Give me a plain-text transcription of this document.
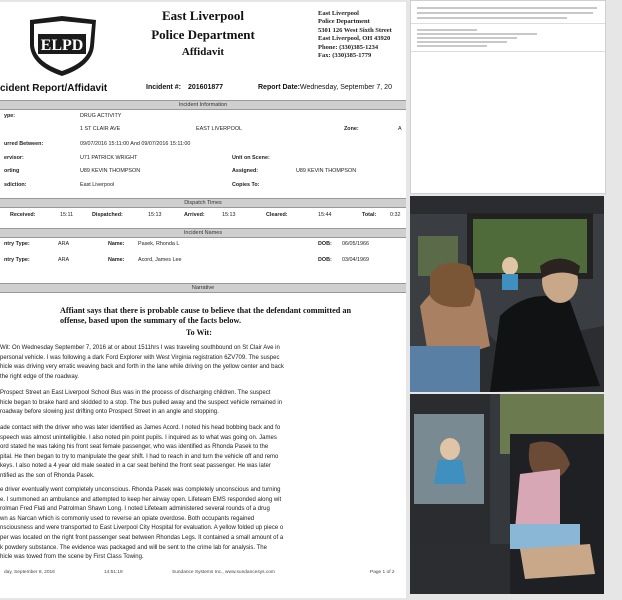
ELPD
East Liverpool
Police Department
Affidavit
East Liverpool
Police Department
5301 126 West Sixth Street
East Liverpool, OH 43920
Phone: (330)385-1234
Fax: (330)385-1779
cident Report/Affidavit	Incident #: 201601877	Report Date: Wednesday, September 7, 20
Incident Information
ype:	DRUG ACTIVITY
1 ST CLAIR AVE	EAST LIVERPOOL	Zone:	A
urred Between:	09/07/2016 15:11:00 And 09/07/2016 15:11:00
ervisor:	U71 PATRICK WRIGHT	Unit on Scene:
orting	U89 KEVIN THOMPSON	Assigned:	U89 KEVIN THOMPSON
sdiction:	East Liverpool	Copies To:
Dispatch Times
Received:	15:11	Dispatched:	15:13	Arrived:	15:13	Cleared:	15:44	Total:	0:32
Incident Names
ntry Type:	ARA	Name:	Pasek, Rhonda L	DOB: 06/05/1966
ntry Type:	ARA	Name:	Acord, James Lee	DOB: 03/04/1969
Narrative
Affiant says that there is probable cause to believe that the defendant committed an offense, based upon the summary of the facts below.
To Wit:
Wit: On Wednesday September 7, 2016 at or about 1511hrs I was traveling southbound on St Clair Ave in
personal vehicle. I was following a dark Ford Explorer with West Virginia registration 6ZV709. The suspec
hicle was driving very erratic weaving back and forth in the lane while driving on the yellow center and back
the right edge of the roadway.
Prospect Street an East Liverpool School Bus was in the process of discharging children. The suspect
hicle began to brake hard and skidded to a stop. The bus pulled away and the suspect vehicle remained in
roadway before slowing just drifting onto Prospect Street in an angle and stopping.
ade contact with the driver who was later identified as James Acord. I noted his head bobbing back and fo
speech was almost unintelligible. I also noted pin point pupils. I inquired as to what was going on. James
ord stated he was taking his front seat female passenger, who was identified as Rhonda Pasek to the
pital. He then began to try to manipulate the gear shift. I had to reach in and turn the vehicle off and remo
keys. I also noted a 4 year old male seated in a car seat behind the front seat passenger. He was later
ntified as the son of Rhonda Pasek.
e driver eventually went completely unconscious. Rhonda Pasek was completely unconscious and turning
e. I summoned an ambulance and attempted to keep her airway open. Lifeteam EMS responded along wit
rolman Fred Flati and Patrolman Shawn Long. I noted Lifeteam administered several rounds of a drug
wn as Narcan which is commonly used to reverse an opiate overdose. Both occupants regained
nsciousness and were transported to East Liverpool City Hospital for evaluation. A yellow folded up piece o
per was located on the right front passenger seat between Rhondas Legs. It contained a small amount of a
k powdery substance. The evidence was packaged and will be sent to the crime lab for analysis. The
hicle was towed from the scene by First Class Towing.
day, September 8, 2016	14:51:18	Sundance Systems Inc., www.sundancesys.com	Page 1 of 2
